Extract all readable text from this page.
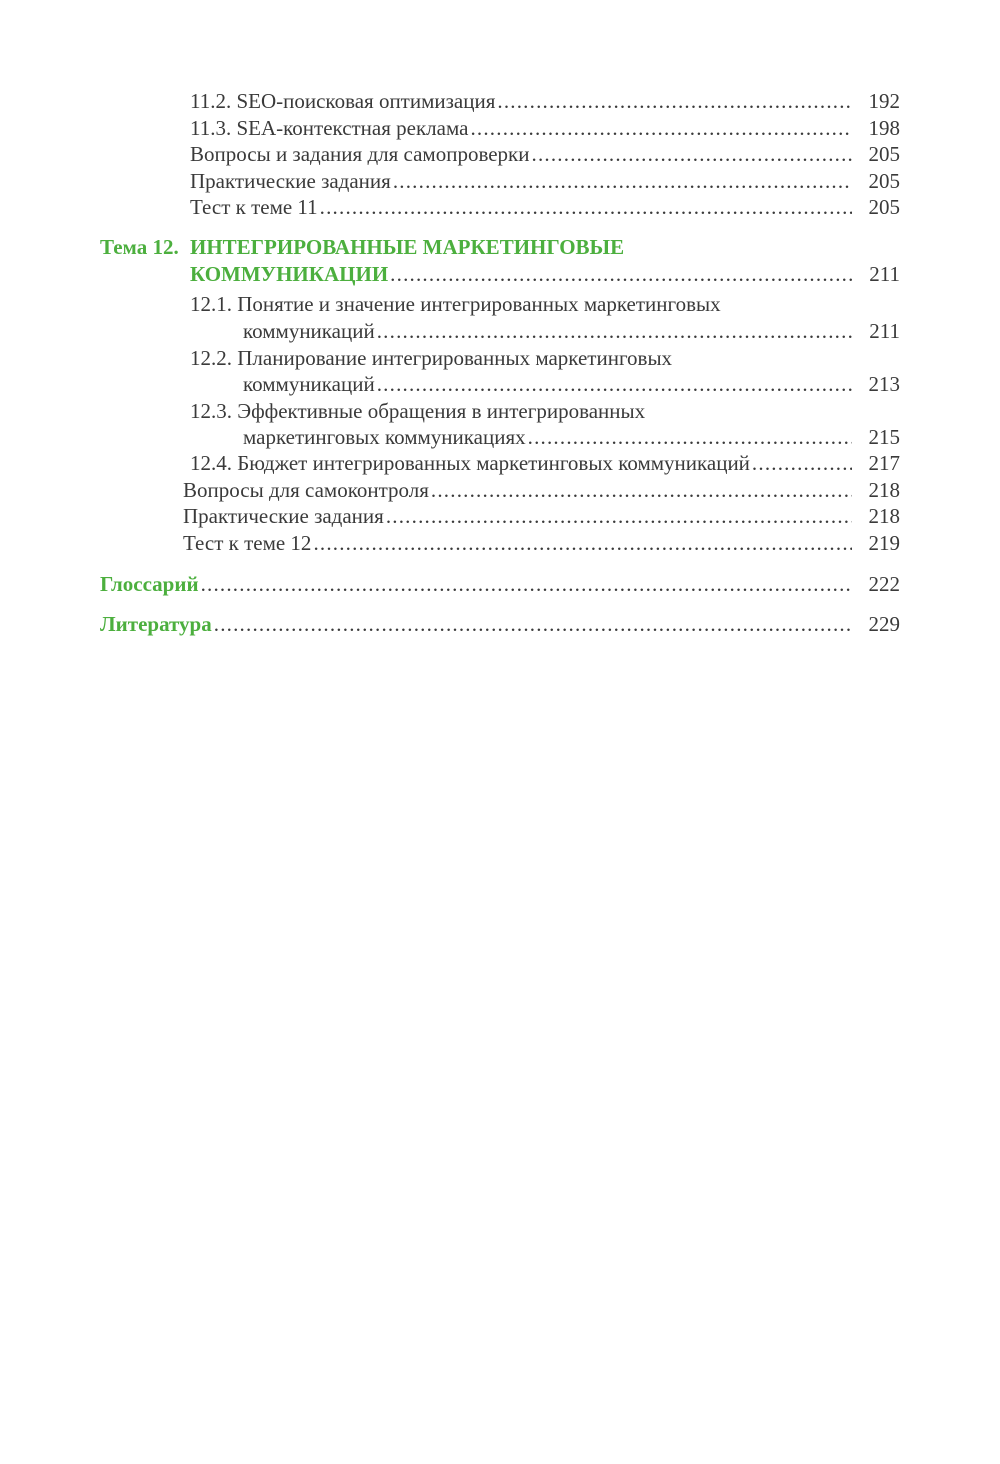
11.2. SEO-поисковая оптимизация .....	192
11.3. SEA-контекстная реклама .....	198
Вопросы и задания для самопроверки .....	205
Практические задания .....	205
Тест к теме 11 .....	205
Тема 12. ИНТЕГРИРОВАННЫЕ МАРКЕТИНГОВЫЕ
КОММУНИКАЦИИ .....	211
12.1. Понятие и значение интегрированных маркетинговых
коммуникаций .....	211
12.2. Планирование интегрированных маркетинговых
коммуникаций .....	213
12.3. Эффективные обращения в интегрированных
маркетинговых коммуникациях .....	215
12.4. Бюджет интегрированных маркетинговых коммуникаций .....	217
Вопросы для самоконтроля .....	218
Практические задания .....	218
Тест к теме 12 .....	219
Глоссарий .....	222
Литература .....	229
